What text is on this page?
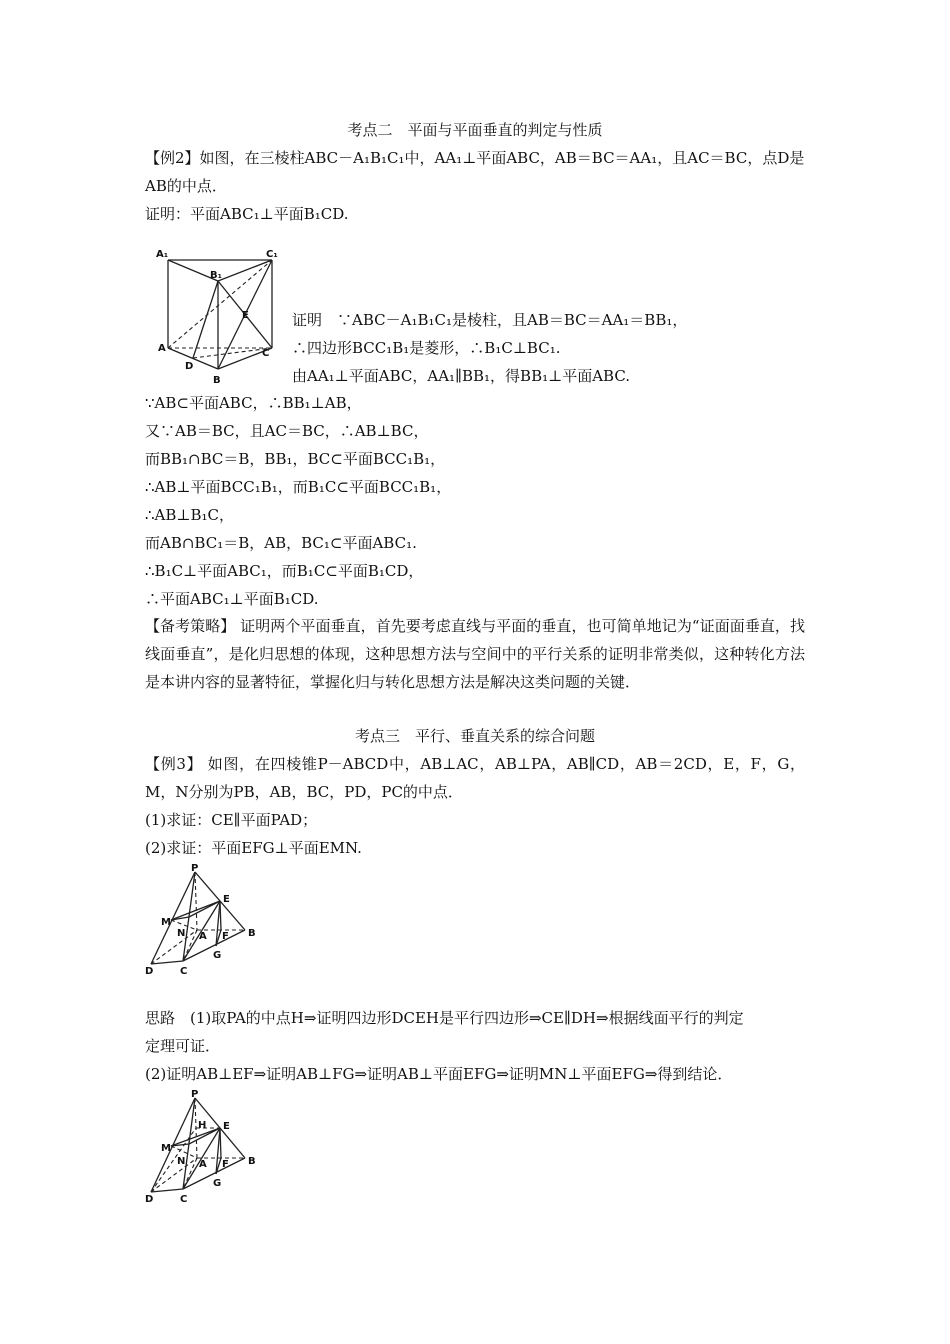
考点二　平面与平面垂直的判定与性质
【例2】如图，在三棱柱ABC－A₁B₁C₁中，AA₁⊥平面ABC，AB＝BC＝AA₁，且AC＝BC，点D是
AB的中点．
证明：平面ABC₁⊥平面B₁CD.
A₁
B₁
C₁
A
B
C
D
E	证明　∵ABC－A₁B₁C₁是棱柱，且AB＝BC＝AA₁＝BB₁，
∴四边形BCC₁B₁是菱形，∴B₁C⊥BC₁.
由AA₁⊥平面ABC，AA₁∥BB₁，得BB₁⊥平面ABC.
∵AB⊂平面ABC，∴BB₁⊥AB，
又∵AB＝BC，且AC＝BC，∴AB⊥BC，
而BB₁∩BC＝B，BB₁，BC⊂平面BCC₁B₁，
∴AB⊥平面BCC₁B₁，而B₁C⊂平面BCC₁B₁，
∴AB⊥B₁C，
而AB∩BC₁＝B，AB，BC₁⊂平面ABC₁.
∴B₁C⊥平面ABC₁，而B₁C⊂平面B₁CD，
∴平面ABC₁⊥平面B₁CD.
【备考策略】 证明两个平面垂直，首先要考虑直线与平面的垂直，也可简单地记为“证面面垂直，找线面垂直”，是化归思想的体现，这种思想方法与空间中的平行关系的证明非常类似，这种转化方法是本讲内容的显著特征，掌握化归与转化思想方法是解决这类问题的关键．
考点三　平行、垂直关系的综合问题
【例3】 如图，在四棱锥P－ABCD中，AB⊥AC，AB⊥PA，AB∥CD，AB＝2CD，E，F，G，M，N分别为PB，AB，BC，PD，PC的中点．
(1)求证：CE∥平面PAD；
(2)求证：平面EFG⊥平面EMN.
P
M
E
N A F B
D	C
G
思路　(1)取PA的中点H⇒证明四边形DCEH是平行四边形⇒CE∥DH⇒根据线面平行的判定
定理可证．
(2)证明AB⊥EF⇒证明AB⊥FG⇒证明AB⊥平面EFG⇒证明MN⊥平面EFG⇒得到结论．
P
H
M
E
N A F B
D	C
G
